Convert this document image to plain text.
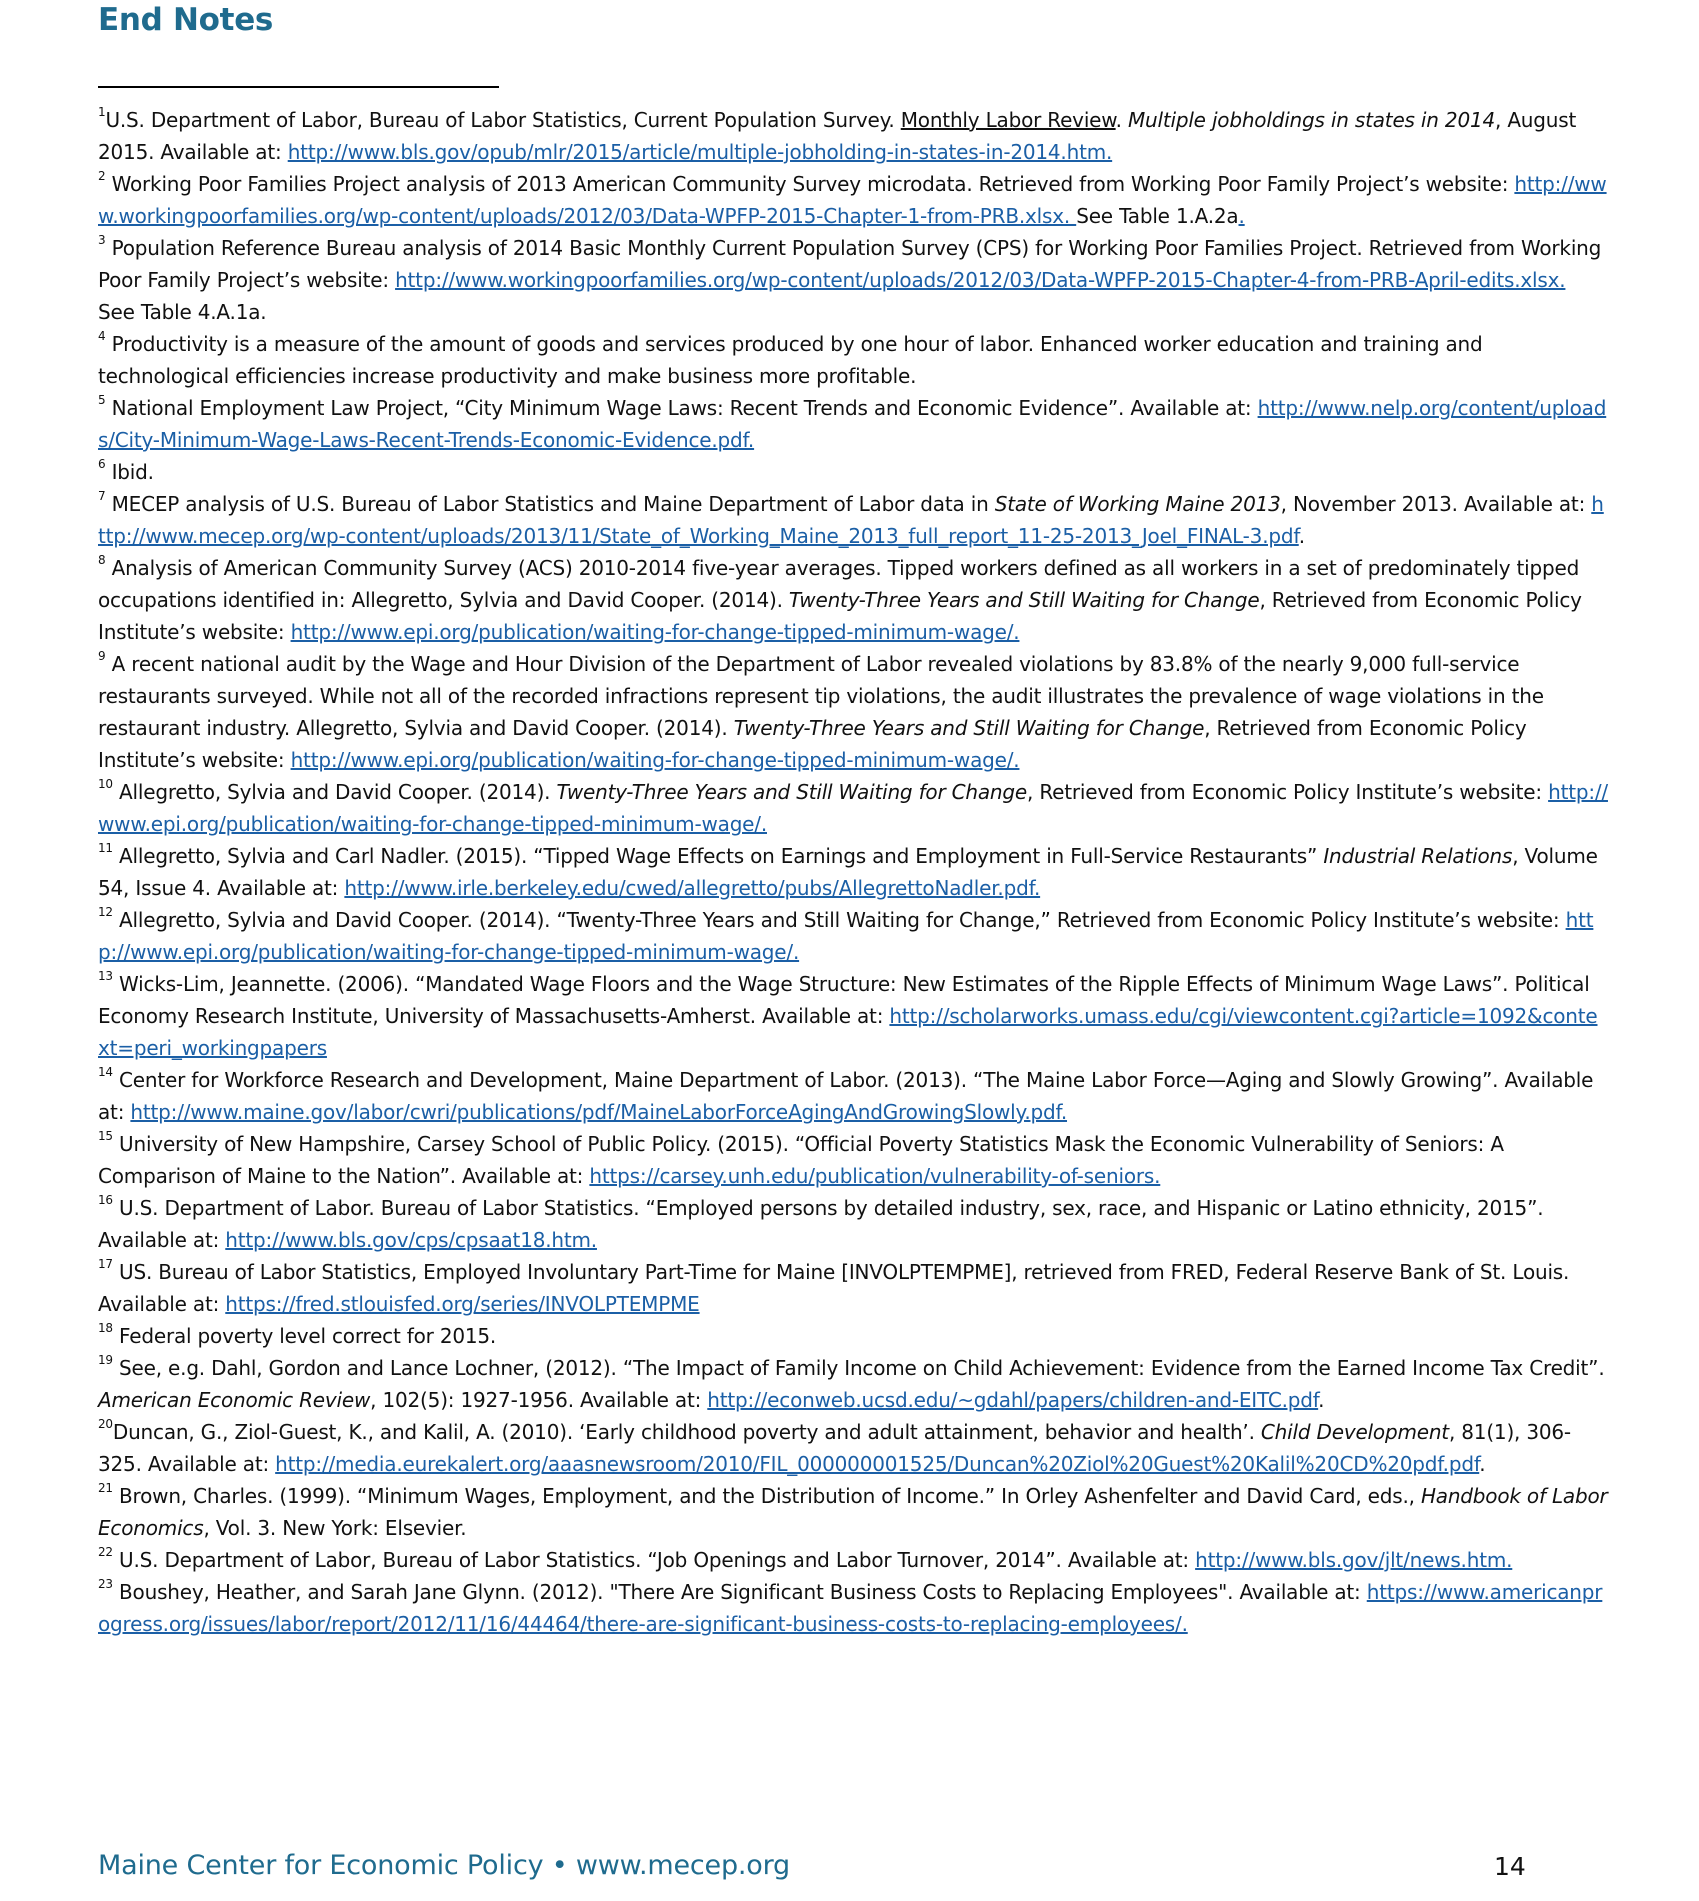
End Notes

$^1$U.S. Department of Labor, Bureau of Labor Statistics, Current Population Survey. Monthly Labor Review. Multiple jobholdings in states in 2014, August 2015. Available at: http://www.bls.gov/opub/mlr/2015/article/multiple-jobholding-in-states-in-2014.htm.

$^2$ Working Poor Families Project analysis of 2013 American Community Survey microdata. Retrieved from Working Poor Family Project’s website: http://www.workingpoorfamilies.org/wp-content/uploads/2012/03/Data-WPFP-2015-Chapter-1-from-PRB.xlsx. See Table 1.A.2a.

$^3$ Population Reference Bureau analysis of 2014 Basic Monthly Current Population Survey (CPS) for Working Poor Families Project. Retrieved from Working Poor Family Project’s website: http://www.workingpoorfamilies.org/wp-content/uploads/2012/03/Data-WPFP-2015-Chapter-4-from-PRB-April-edits.xlsx. See Table 4.A.1a.

$^4$ Productivity is a measure of the amount of goods and services produced by one hour of labor. Enhanced worker education and training and technological efficiencies increase productivity and make business more profitable.

$^5$ National Employment Law Project, “City Minimum Wage Laws: Recent Trends and Economic Evidence”. Available at: http://www.nelp.org/content/uploads/City-Minimum-Wage-Laws-Recent-Trends-Economic-Evidence.pdf.

$^6$ Ibid.

$^7$ MECEP analysis of U.S. Bureau of Labor Statistics and Maine Department of Labor data in State of Working Maine 2013, November 2013. Available at: http://www.mecep.org/wp-content/uploads/2013/11/State_of_Working_Maine_2013_full_report_11-25-2013_Joel_FINAL-3.pdf.

$^8$ Analysis of American Community Survey (ACS) 2010-2014 five-year averages. Tipped workers defined as all workers in a set of predominately tipped occupations identified in: Allegretto, Sylvia and David Cooper. (2014). Twenty-Three Years and Still Waiting for Change, Retrieved from Economic Policy Institute’s website: http://www.epi.org/publication/waiting-for-change-tipped-minimum-wage/.

$^9$ A recent national audit by the Wage and Hour Division of the Department of Labor revealed violations by 83.8% of the nearly 9,000 full-service restaurants surveyed. While not all of the recorded infractions represent tip violations, the audit illustrates the prevalence of wage violations in the restaurant industry. Allegretto, Sylvia and David Cooper. (2014). Twenty-Three Years and Still Waiting for Change, Retrieved from Economic Policy Institute’s website: http://www.epi.org/publication/waiting-for-change-tipped-minimum-wage/.

$^{10}$ Allegretto, Sylvia and David Cooper. (2014). Twenty-Three Years and Still Waiting for Change, Retrieved from Economic Policy Institute’s website: http://www.epi.org/publication/waiting-for-change-tipped-minimum-wage/.

$^{11}$ Allegretto, Sylvia and Carl Nadler. (2015). “Tipped Wage Effects on Earnings and Employment in Full-Service Restaurants” Industrial Relations, Volume 54, Issue 4. Available at: http://www.irle.berkeley.edu/cwed/allegretto/pubs/AllegrettoNadler.pdf.

$^{12}$ Allegretto, Sylvia and David Cooper. (2014). “Twenty-Three Years and Still Waiting for Change,” Retrieved from Economic Policy Institute’s website: http://www.epi.org/publication/waiting-for-change-tipped-minimum-wage/.

$^{13}$ Wicks-Lim, Jeannette. (2006). “Mandated Wage Floors and the Wage Structure: New Estimates of the Ripple Effects of Minimum Wage Laws”. Political Economy Research Institute, University of Massachusetts-Amherst. Available at: http://scholarworks.umass.edu/cgi/viewcontent.cgi?article=1092&context=peri_workingpapers

$^{14}$ Center for Workforce Research and Development, Maine Department of Labor. (2013). “The Maine Labor Force—Aging and Slowly Growing”. Available at: http://www.maine.gov/labor/cwri/publications/pdf/MaineLaborForceAgingAndGrowingSlowly.pdf.

$^{15}$ University of New Hampshire, Carsey School of Public Policy. (2015). “Official Poverty Statistics Mask the Economic Vulnerability of Seniors: A Comparison of Maine to the Nation”. Available at: https://carsey.unh.edu/publication/vulnerability-of-seniors.

$^{16}$ U.S. Department of Labor. Bureau of Labor Statistics. “Employed persons by detailed industry, sex, race, and Hispanic or Latino ethnicity, 2015”. Available at: http://www.bls.gov/cps/cpsaat18.htm.

$^{17}$ US. Bureau of Labor Statistics, Employed Involuntary Part-Time for Maine [INVOLPTEMPME], retrieved from FRED, Federal Reserve Bank of St. Louis. Available at: https://fred.stlouisfed.org/series/INVOLPTEMPME

$^{18}$ Federal poverty level correct for 2015.

$^{19}$ See, e.g. Dahl, Gordon and Lance Lochner, (2012). “The Impact of Family Income on Child Achievement: Evidence from the Earned Income Tax Credit”. American Economic Review, 102(5): 1927-1956. Available at: http://econweb.ucsd.edu/~gdahl/papers/children-and-EITC.pdf.

$^{20}$Duncan, G., Ziol-Guest, K., and Kalil, A. (2010). ‘Early childhood poverty and adult attainment, behavior and health’. Child Development, 81(1), 306-325. Available at: http://media.eurekalert.org/aaasnewsroom/2010/FIL_000000001525/Duncan%20Ziol%20Guest%20Kalil%20CD%20pdf.pdf.

$^{21}$ Brown, Charles. (1999). “Minimum Wages, Employment, and the Distribution of Income.” In Orley Ashenfelter and David Card, eds., Handbook of Labor Economics, Vol. 3. New York: Elsevier.

$^{22}$ U.S. Department of Labor, Bureau of Labor Statistics. “Job Openings and Labor Turnover, 2014”. Available at: http://www.bls.gov/jlt/news.htm.

$^{23}$ Boushey, Heather, and Sarah Jane Glynn. (2012). "There Are Significant Business Costs to Replacing Employees". Available at: https://www.americanprogress.org/issues/labor/report/2012/11/16/44464/there-are-significant-business-costs-to-replacing-employees/.

Maine Center for Economic Policy • www.mecep.org	14
